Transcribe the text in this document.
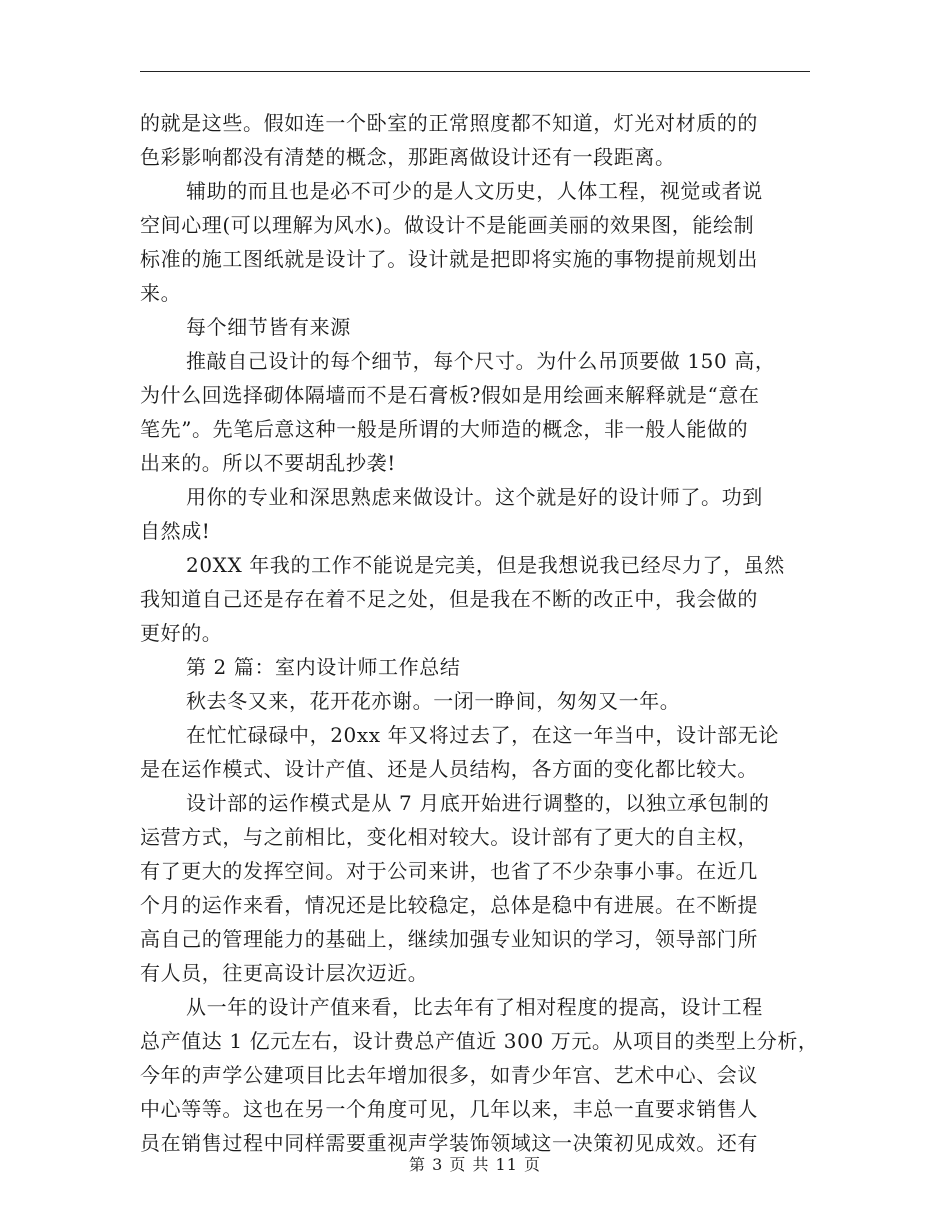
的就是这些。假如连一个卧室的正常照度都不知道，灯光对材质的的
色彩影响都没有清楚的概念，那距离做设计还有一段距离。
辅助的而且也是必不可少的是人文历史，人体工程，视觉或者说
空间心理(可以理解为风水)。做设计不是能画美丽的效果图，能绘制
标准的施工图纸就是设计了。设计就是把即将实施的事物提前规划出
来。
每个细节皆有来源
推敲自己设计的每个细节，每个尺寸。为什么吊顶要做 150 高，
为什么回选择砌体隔墙而不是石膏板?假如是用绘画来解释就是“意在
笔先”。先笔后意这种一般是所谓的大师造的概念，非一般人能做的
出来的。所以不要胡乱抄袭!
用你的专业和深思熟虑来做设计。这个就是好的设计师了。功到
自然成!
20XX 年我的工作不能说是完美，但是我想说我已经尽力了，虽然
我知道自己还是存在着不足之处，但是我在不断的改正中，我会做的
更好的。
第 2 篇：室内设计师工作总结
秋去冬又来，花开花亦谢。一闭一睁间，匆匆又一年。
在忙忙碌碌中，20xx 年又将过去了，在这一年当中，设计部无论
是在运作模式、设计产值、还是人员结构，各方面的变化都比较大。
设计部的运作模式是从 7 月底开始进行调整的，以独立承包制的
运营方式，与之前相比，变化相对较大。设计部有了更大的自主权，
有了更大的发挥空间。对于公司来讲，也省了不少杂事小事。在近几
个月的运作来看，情况还是比较稳定，总体是稳中有进展。在不断提
高自己的管理能力的基础上，继续加强专业知识的学习，领导部门所
有人员，往更高设计层次迈近。
从一年的设计产值来看，比去年有了相对程度的提高，设计工程
总产值达 1 亿元左右，设计费总产值近 300 万元。从项目的类型上分析，
今年的声学公建项目比去年增加很多，如青少年宫、艺术中心、会议
中心等等。这也在另一个角度可见，几年以来，丰总一直要求销售人
员在销售过程中同样需要重视声学装饰领域这一决策初见成效。还有
第 3 页 共 11 页
